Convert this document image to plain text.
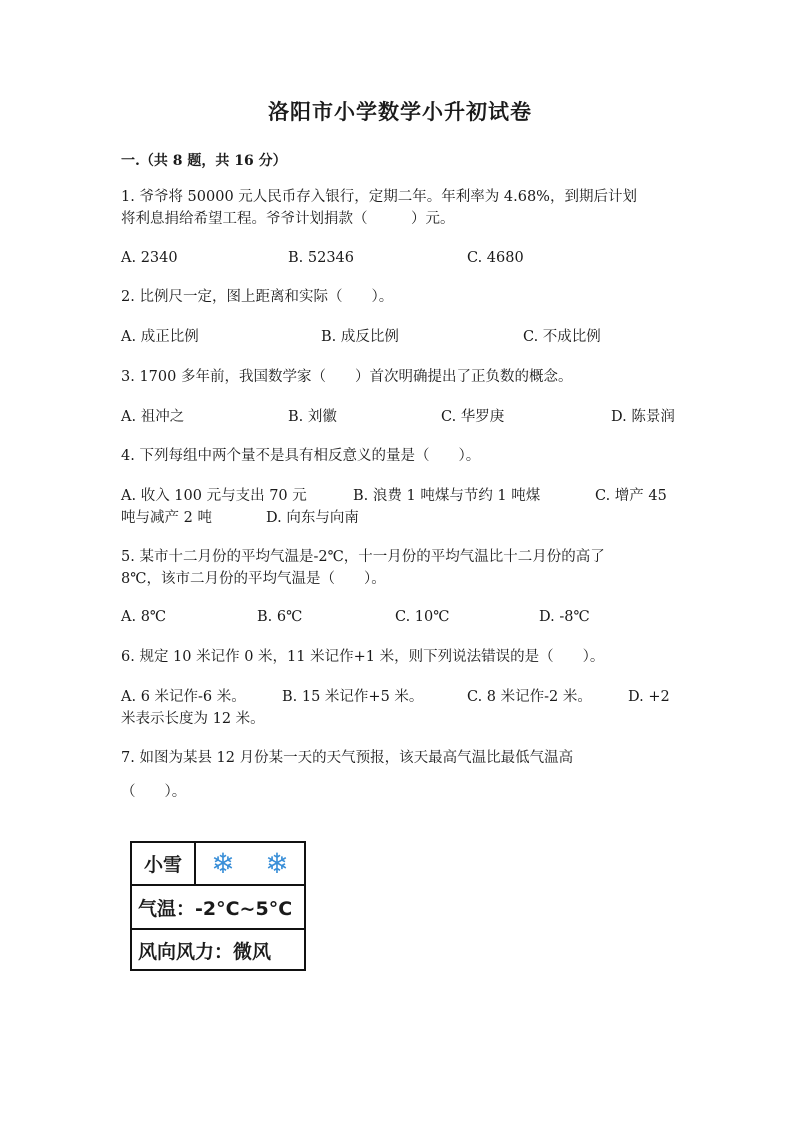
洛阳市小学数学小升初试卷
一.（共 8 题，共 16 分）
1. 爷爷将 50000 元人民币存入银行，定期二年。年利率为 4.68%，到期后计划
将利息捐给希望工程。爷爷计划捐款（　　　）元。
A. 2340	B. 52346	C. 4680
2. 比例尺一定，图上距离和实际（　　）。
A. 成正比例	B. 成反比例	C. 不成比例
3. 1700 多年前，我国数学家（　　）首次明确提出了正负数的概念。
A. 祖冲之	B. 刘徽	C. 华罗庚	D. 陈景润
4. 下列每组中两个量不是具有相反意义的量是（　　）。
A. 收入 100 元与支出 70 元	B. 浪费 1 吨煤与节约 1 吨煤	C. 增产 45
吨与减产 2 吨	D. 向东与向南
5. 某市十二月份的平均气温是-2℃，十一月份的平均气温比十二月份的高了
8℃，该市二月份的平均气温是（　　）。
A. 8℃	B. 6℃	C. 10℃	D. -8℃
6. 规定 10 米记作 0 米，11 米记作+1 米，则下列说法错误的是（　　）。
A. 6 米记作-6 米。 B. 15 米记作+5 米。	C. 8 米记作-2 米。 D. +2
米表示长度为 12 米。
7. 如图为某县 12 月份某一天的天气预报，该天最高气温比最低气温高
（　　）。
小雪	❄ ❄
气温：-2°C~5°C
风向风力：微风
